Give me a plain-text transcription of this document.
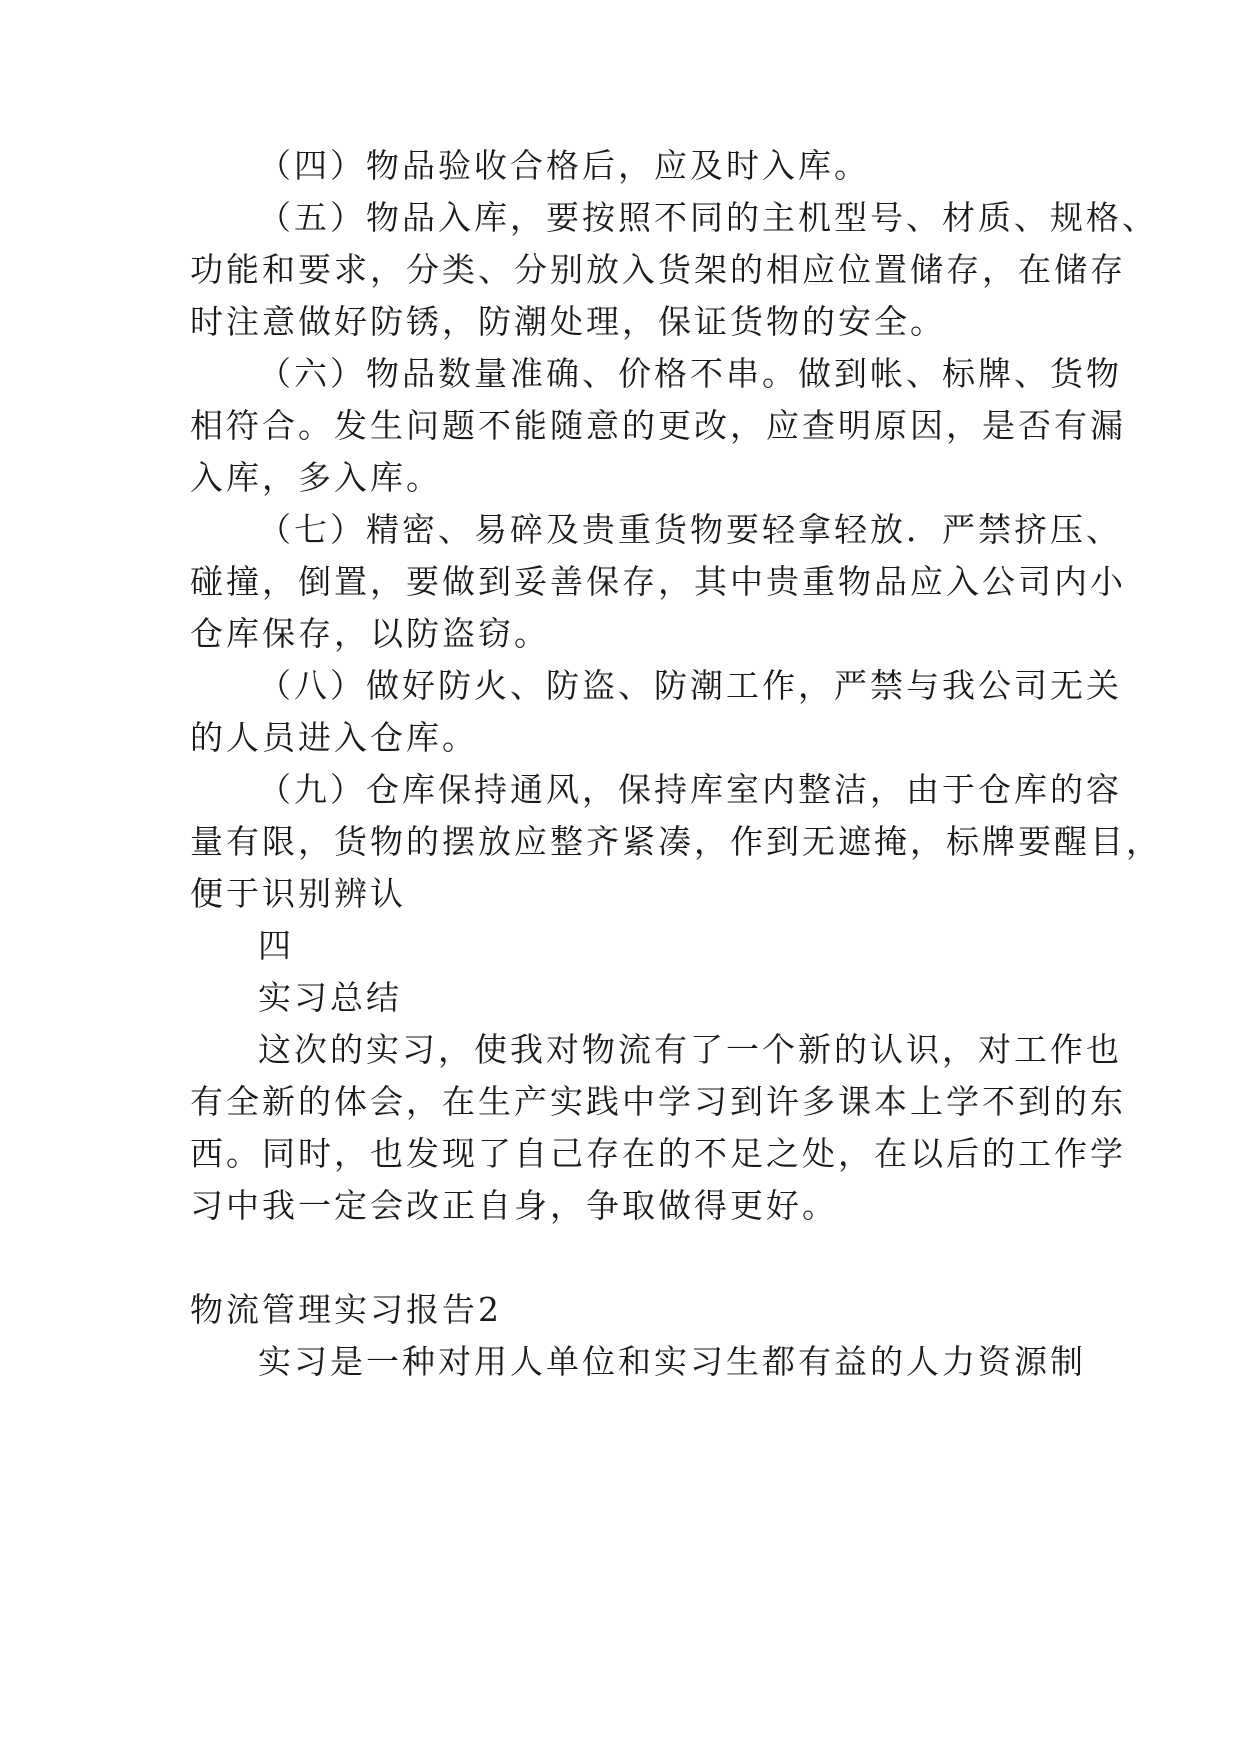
（四）物品验收合格后，应及时入库。
（五）物品入库，要按照不同的主机型号、材质、规格、
功能和要求，分类、分别放入货架的相应位置储存，在储存
时注意做好防锈，防潮处理，保证货物的安全。
（六）物品数量准确、价格不串。做到帐、标牌、货物
相符合。发生问题不能随意的更改，应查明原因，是否有漏
入库，多入库。
（七）精密、易碎及贵重货物要轻拿轻放．严禁挤压、
碰撞，倒置，要做到妥善保存，其中贵重物品应入公司内小
仓库保存，以防盗窃。
（八）做好防火、防盗、防潮工作，严禁与我公司无关
的人员进入仓库。
（九）仓库保持通风，保持库室内整洁，由于仓库的容
量有限，货物的摆放应整齐紧凑，作到无遮掩，标牌要醒目，
便于识别辨认
四
实习总结
这次的实习，使我对物流有了一个新的认识，对工作也
有全新的体会，在生产实践中学习到许多课本上学不到的东
西。同时，也发现了自己存在的不足之处，在以后的工作学
习中我一定会改正自身，争取做得更好。
物流管理实习报告2
实习是一种对用人单位和实习生都有益的人力资源制
